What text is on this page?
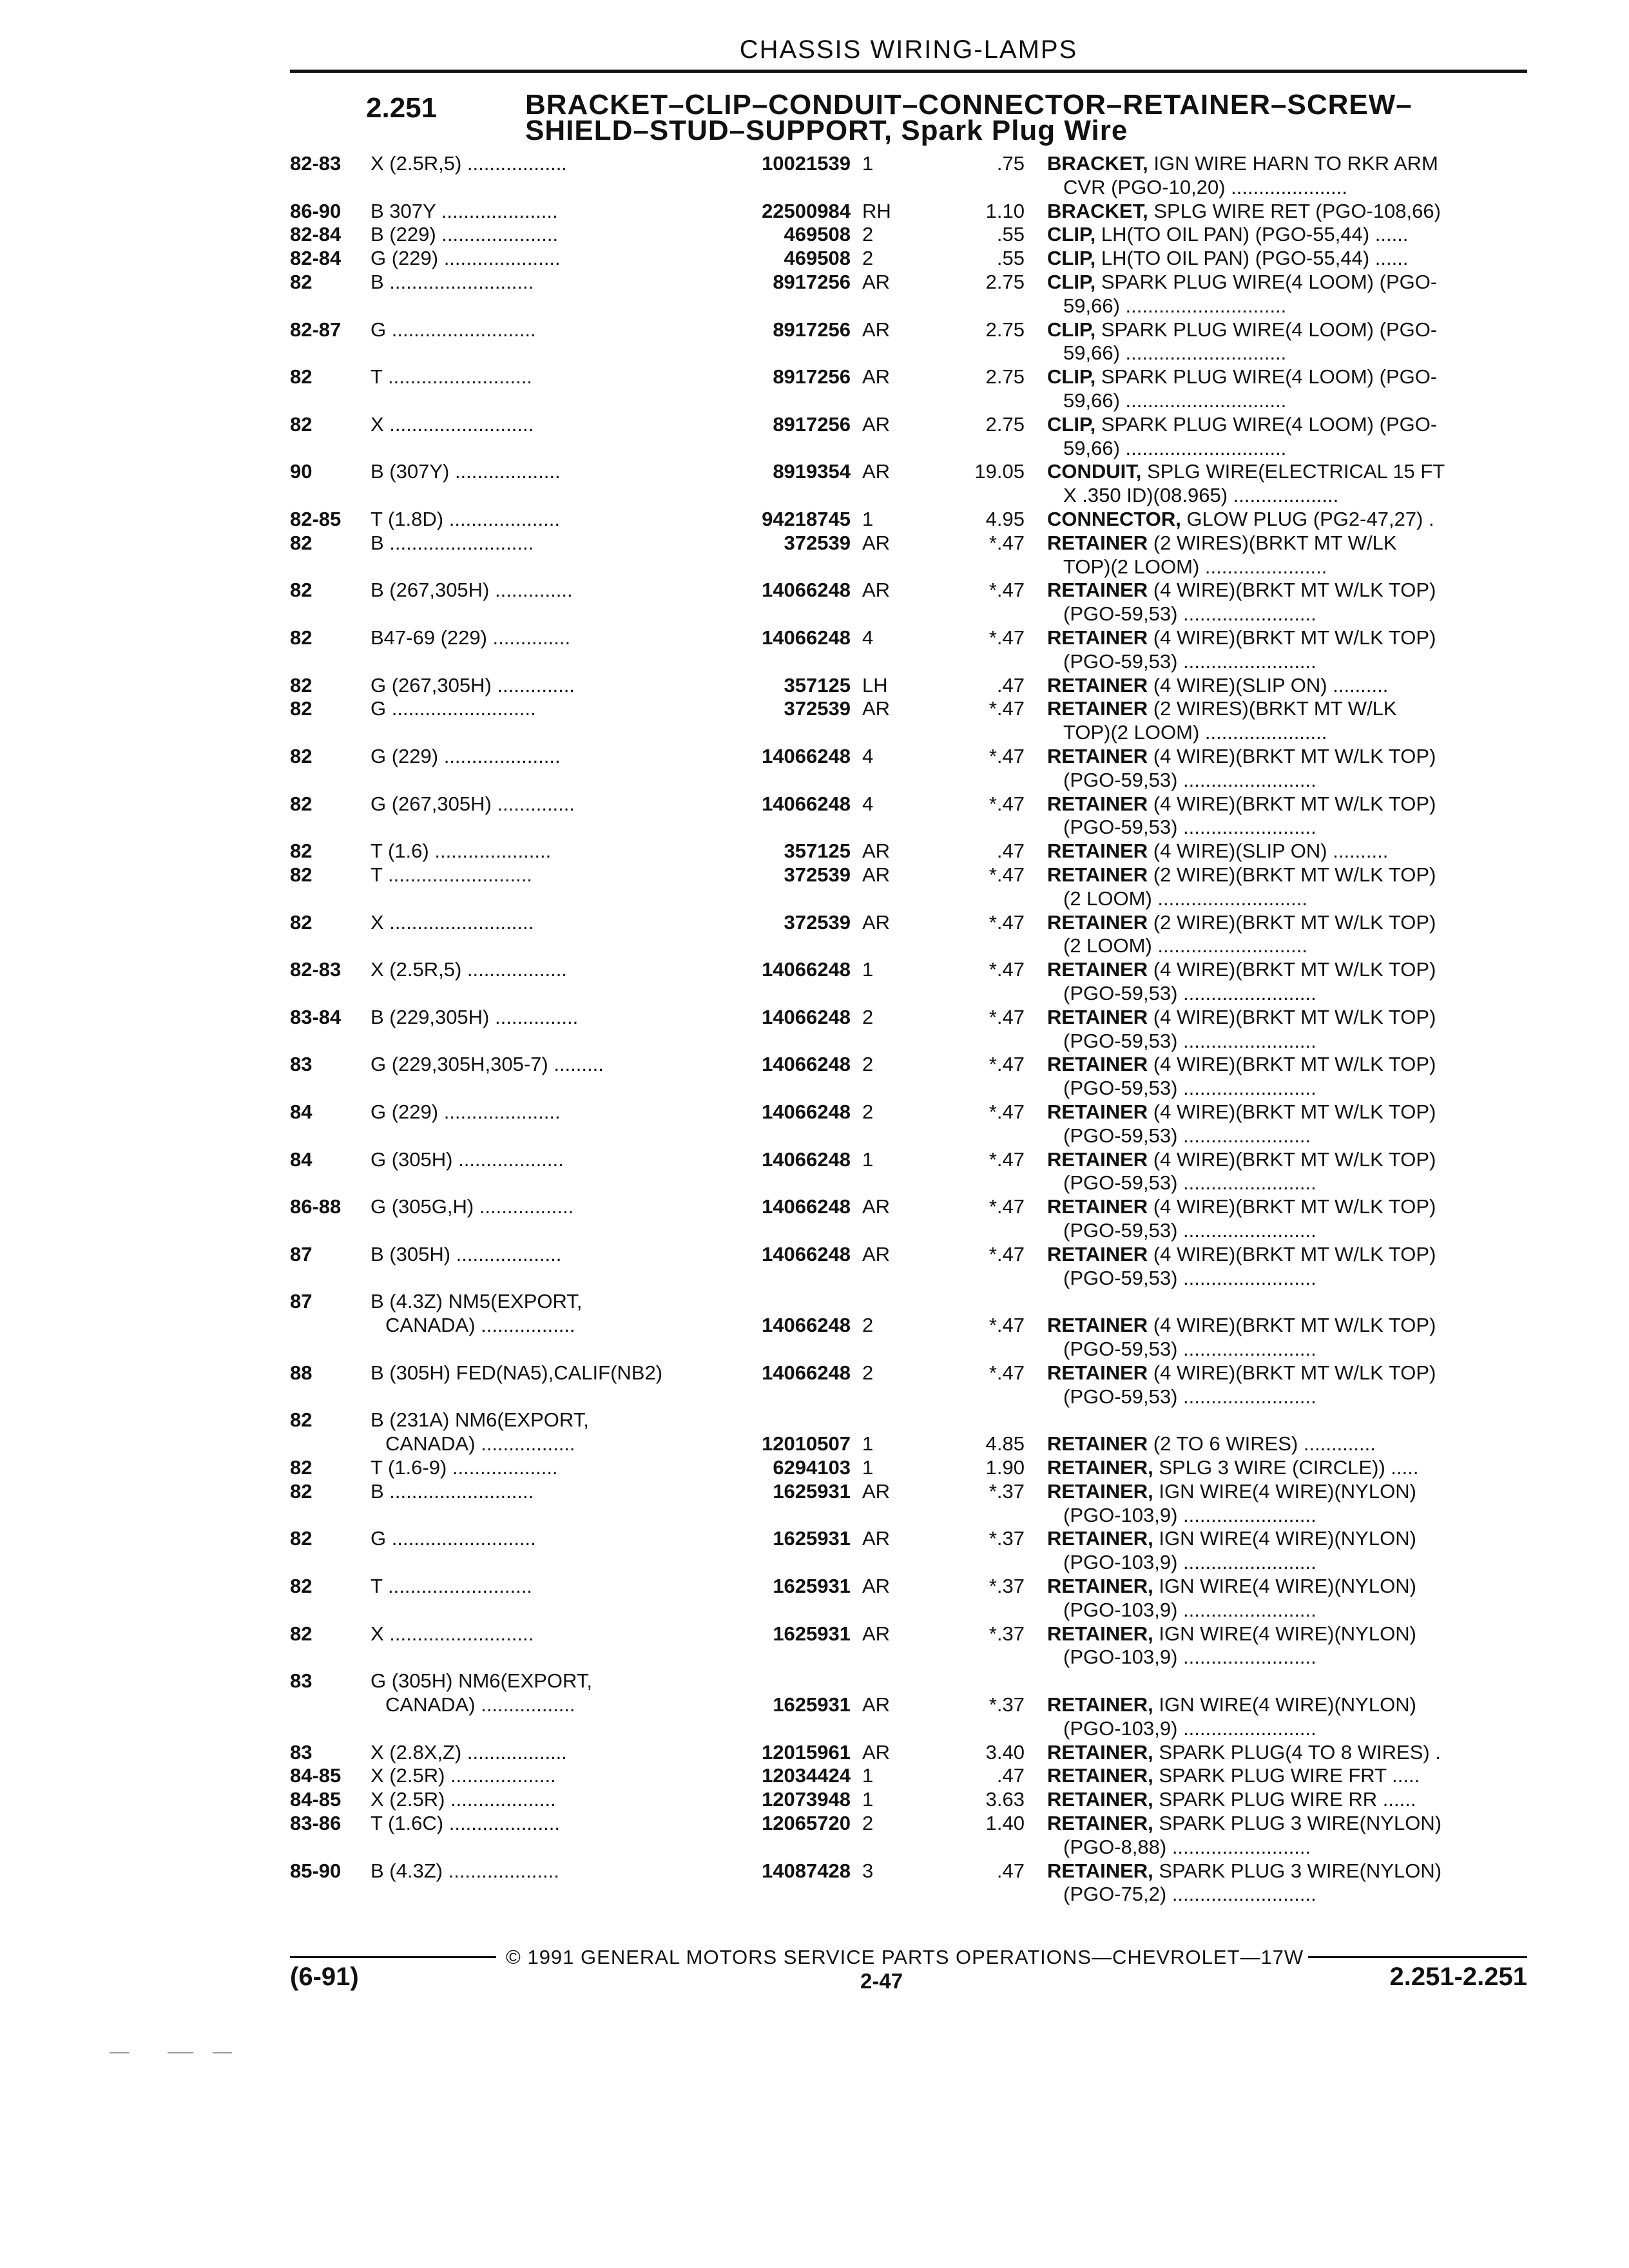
CHASSIS WIRING-LAMPS
2.251	BRACKET–CLIP–CONDUIT–CONNECTOR–RETAINER–SCREW–
SHIELD–STUD–SUPPORT, Spark Plug Wire
82-83 X (2.5R,5) ..................	10021539 1	.75 BRACKET, IGN WIRE HARN TO RKR ARM
CVR (PGO-10,20) .....................
86-90 B 307Y .....................	22500984 RH	1.10 BRACKET, SPLG WIRE RET (PGO-108,66)
82-84 B (229) .....................	469508 2	.55 CLIP, LH(TO OIL PAN) (PGO-55,44) ......
82-84 G (229) .....................	469508 2	.55 CLIP, LH(TO OIL PAN) (PGO-55,44) ......
82	B ..........................	8917256 AR	2.75 CLIP, SPARK PLUG WIRE(4 LOOM) (PGO-
59,66) .............................
82-87 G ..........................	8917256 AR	2.75 CLIP, SPARK PLUG WIRE(4 LOOM) (PGO-
59,66) .............................
82	T ..........................	8917256 AR	2.75 CLIP, SPARK PLUG WIRE(4 LOOM) (PGO-
59,66) .............................
82	X ..........................	8917256 AR	2.75 CLIP, SPARK PLUG WIRE(4 LOOM) (PGO-
59,66) .............................
90	B (307Y) ...................	8919354 AR	19.05 CONDUIT, SPLG WIRE(ELECTRICAL 15 FT
X .350 ID)(08.965) ...................
82-85 T (1.8D) ....................	94218745 1	4.95 CONNECTOR, GLOW PLUG (PG2-47,27) .
82	B ..........................	372539 AR	*.47 RETAINER (2 WIRES)(BRKT MT W/LK
TOP)(2 LOOM) ......................
82	B (267,305H) ..............	14066248 AR	*.47 RETAINER (4 WIRE)(BRKT MT W/LK TOP)
(PGO-59,53) ........................
82	B47-69 (229) ..............	14066248 4	*.47 RETAINER (4 WIRE)(BRKT MT W/LK TOP)
(PGO-59,53) ........................
82	G (267,305H) ..............	357125 LH	.47 RETAINER (4 WIRE)(SLIP ON) ..........
82	G ..........................	372539 AR	*.47 RETAINER (2 WIRES)(BRKT MT W/LK
TOP)(2 LOOM) ......................
82	G (229) .....................	14066248 4	*.47 RETAINER (4 WIRE)(BRKT MT W/LK TOP)
(PGO-59,53) ........................
82	G (267,305H) ..............	14066248 4	*.47 RETAINER (4 WIRE)(BRKT MT W/LK TOP)
(PGO-59,53) ........................
82	T (1.6) .....................	357125 AR	.47 RETAINER (4 WIRE)(SLIP ON) ..........
82	T ..........................	372539 AR	*.47 RETAINER (2 WIRE)(BRKT MT W/LK TOP)
(2 LOOM) ...........................
82	X ..........................	372539 AR	*.47 RETAINER (2 WIRE)(BRKT MT W/LK TOP)
(2 LOOM) ...........................
82-83 X (2.5R,5) ..................	14066248 1	*.47 RETAINER (4 WIRE)(BRKT MT W/LK TOP)
(PGO-59,53) ........................
83-84 B (229,305H) ...............	14066248 2	*.47 RETAINER (4 WIRE)(BRKT MT W/LK TOP)
(PGO-59,53) ........................
83	G (229,305H,305-7) .........	14066248 2	*.47 RETAINER (4 WIRE)(BRKT MT W/LK TOP)
(PGO-59,53) ........................
84	G (229) .....................	14066248 2	*.47 RETAINER (4 WIRE)(BRKT MT W/LK TOP)
(PGO-59,53) .......................
84	G (305H) ...................	14066248 1	*.47 RETAINER (4 WIRE)(BRKT MT W/LK TOP)
(PGO-59,53) ........................
86-88 G (305G,H) .................	14066248 AR	*.47 RETAINER (4 WIRE)(BRKT MT W/LK TOP)
(PGO-59,53) ........................
87	B (305H) ...................	14066248 AR	*.47 RETAINER (4 WIRE)(BRKT MT W/LK TOP)
(PGO-59,53) ........................
87	B (4.3Z) NM5(EXPORT,
CANADA) .................	14066248 2	*.47 RETAINER (4 WIRE)(BRKT MT W/LK TOP)
(PGO-59,53) ........................
88	B (305H) FED(NA5),CALIF(NB2)	14066248 2	*.47 RETAINER (4 WIRE)(BRKT MT W/LK TOP)
(PGO-59,53) ........................
82	B (231A) NM6(EXPORT,
CANADA) .................	12010507 1	4.85 RETAINER (2 TO 6 WIRES) .............
82	T (1.6-9) ...................	6294103 1	1.90 RETAINER, SPLG 3 WIRE (CIRCLE)) .....
82	B ..........................	1625931 AR	*.37 RETAINER, IGN WIRE(4 WIRE)(NYLON)
(PGO-103,9) ........................
82	G ..........................	1625931 AR	*.37 RETAINER, IGN WIRE(4 WIRE)(NYLON)
(PGO-103,9) ........................
82	T ..........................	1625931 AR	*.37 RETAINER, IGN WIRE(4 WIRE)(NYLON)
(PGO-103,9) ........................
82	X ..........................	1625931 AR	*.37 RETAINER, IGN WIRE(4 WIRE)(NYLON)
(PGO-103,9) ........................
83	G (305H) NM6(EXPORT,
CANADA) .................	1625931 AR	*.37 RETAINER, IGN WIRE(4 WIRE)(NYLON)
(PGO-103,9) ........................
83	X (2.8X,Z) ..................	12015961 AR	3.40 RETAINER, SPARK PLUG(4 TO 8 WIRES) .
84-85 X (2.5R) ...................	12034424 1	.47 RETAINER, SPARK PLUG WIRE FRT .....
84-85 X (2.5R) ...................	12073948 1	3.63 RETAINER, SPARK PLUG WIRE RR ......
83-86 T (1.6C) ....................	12065720 2	1.40 RETAINER, SPARK PLUG 3 WIRE(NYLON)
(PGO-8,88) .........................
85-90 B (4.3Z) ....................	14087428 3	.47 RETAINER, SPARK PLUG 3 WIRE(NYLON)
(PGO-75,2) ..........................
© 1991 GENERAL MOTORS SERVICE PARTS OPERATIONS—CHEVROLET—17W
(6-91)	2-47	2.251-2.251
